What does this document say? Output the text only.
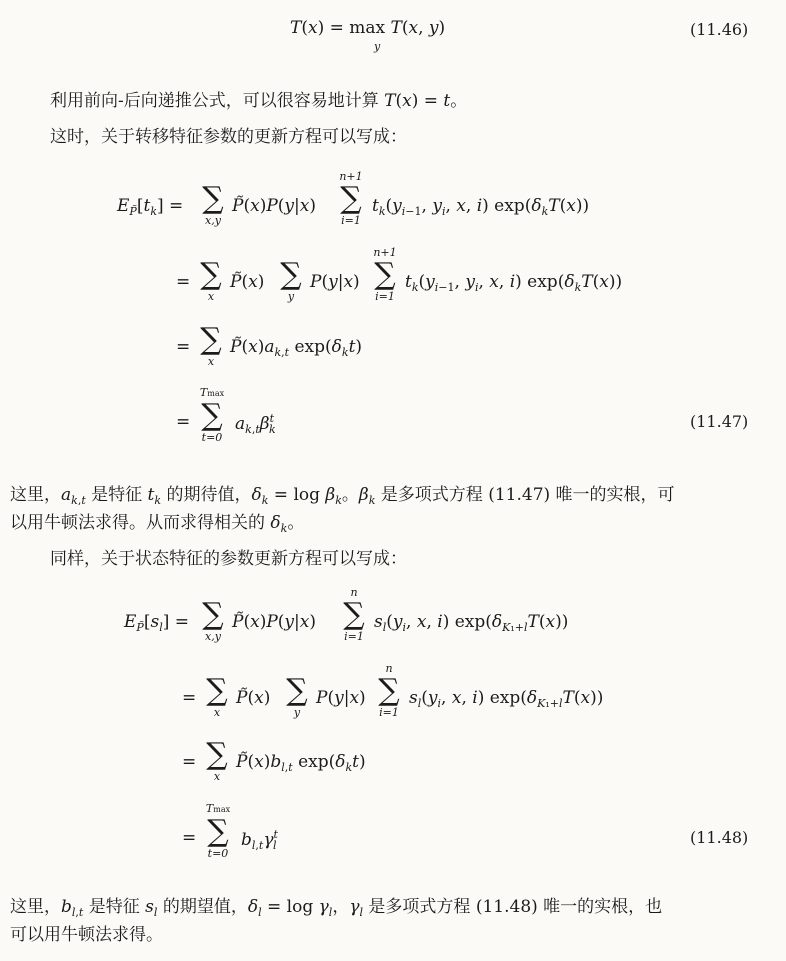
T(x) = max T(x, y)
y
(11.46)
利用前向-后向递推公式，可以很容易地计算 T(x) = t。
这时，关于转移特征参数的更新方程可以写成：
$E_{P̃}[t_k]$ = ∑
x,y
P̃(x)P(y|x)
n+1
∑
i=1
$t_k(y_{i-1}$, $y_i$, x, i) $\exp(\delta_kT(x))$
= ∑
x
P̃(x) ∑
y
P(y|x)
n+1
∑
i=1
$t_k(y_{i-1}$, $y_i$, x, i) $\exp(\delta_kT(x))$
= ∑
x
$P̃(x)a_{k,t}$ $\exp(\delta_kt)$
=
Tmax
∑
t=0
$a_{k,t}\beta^t_k$	(11.47)
这里，$a_{k,t}$ 是特征 $t_k$ 的期待值，$\delta_k = \log \beta_k$。$\beta_k$ 是多项式方程 (11.47) 唯一的实根，可
以用牛顿法求得。从而求得相关的 $\delta_k$。
同样，关于状态特征的参数更新方程可以写成：
$E_{P̃}[s_l]$ = ∑
x,y
P̃(x)P(y|x)
n
∑
i=1
$s_l(y_i$, x, i) $\exp(\delta_{K_1+l}T(x))$
= ∑
x
P̃(x) ∑
y
P(y|x)
n
∑
i=1
$s_l(y_i$, x, i) $\exp(\delta_{K_1+l}T(x))$
= ∑
x
$P̃(x)b_{l,t}$ $\exp(\delta_kt)$
=
Tmax
∑
t=0
$b_{l,t}\gamma^t_l$	(11.48)
这里，$b_{l,t}$ 是特征 $s_l$ 的期望值，$\delta_l = \log \gamma_l$，$\gamma_l$ 是多项式方程 (11.48) 唯一的实根，也
可以用牛顿法求得。
